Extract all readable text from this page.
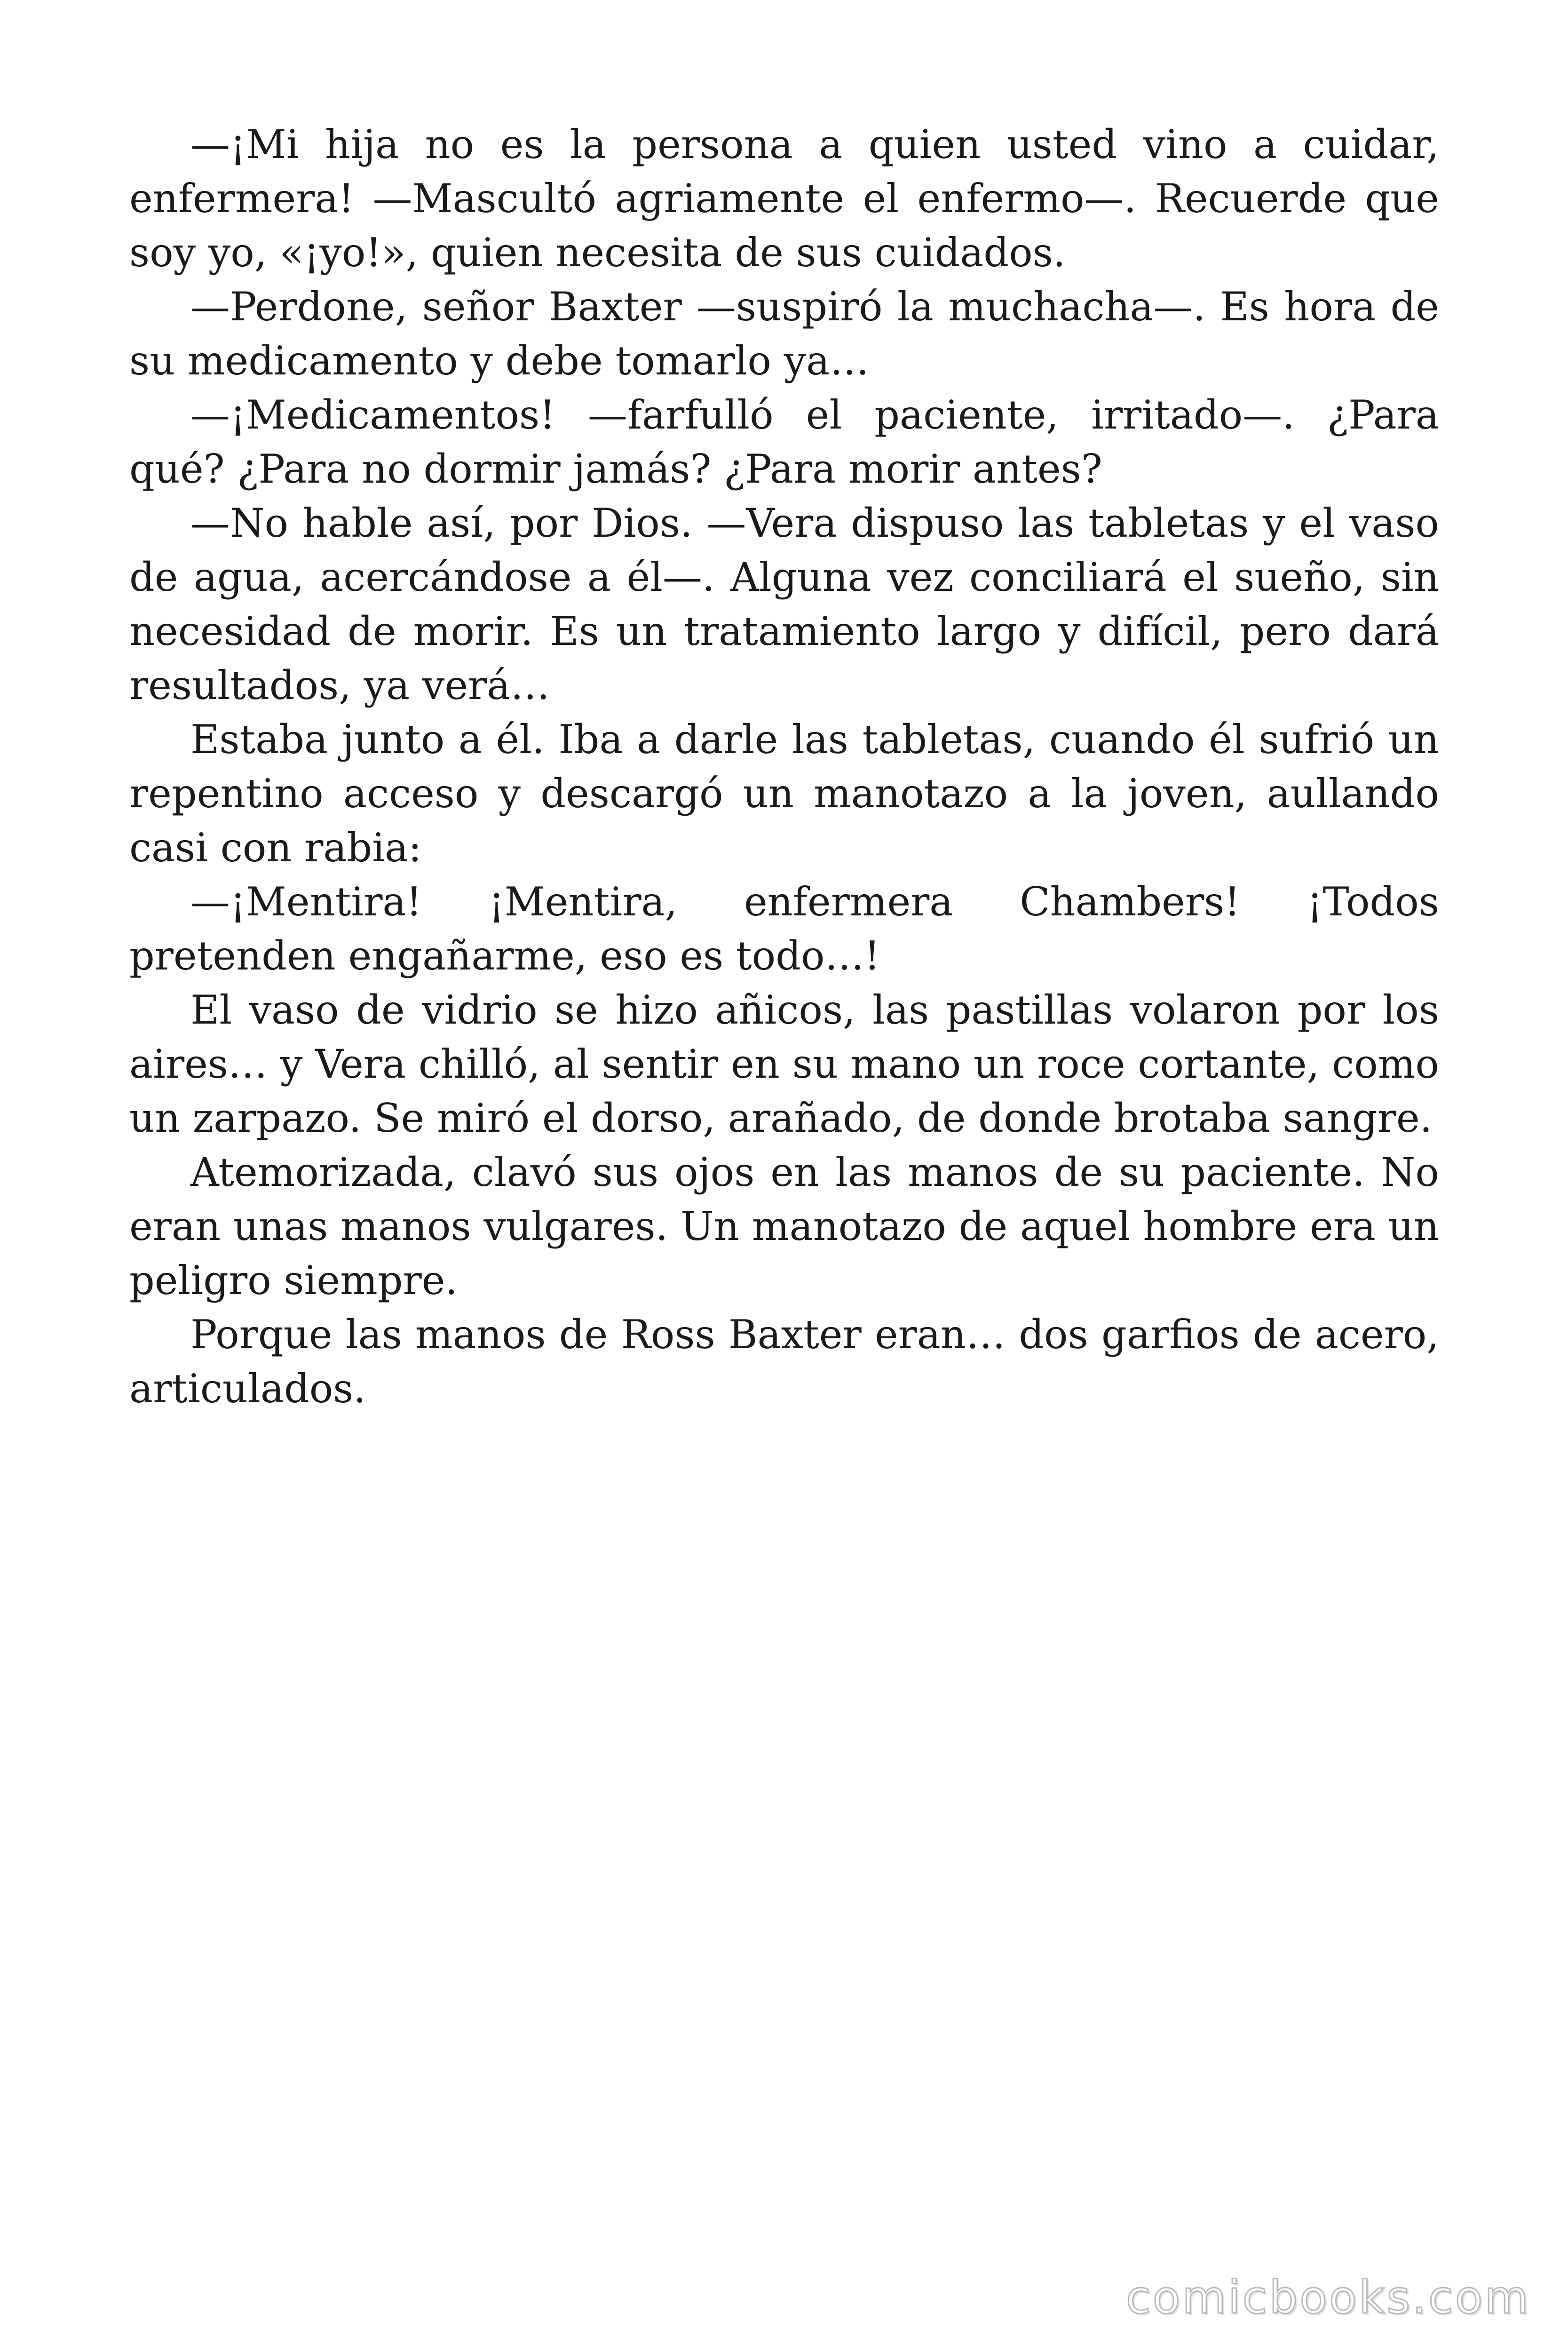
—¡Mi hija no es la persona a quien usted vino a cuidar, enfermera! —Mascultó agriamente el enfermo—. Recuerde que soy yo, «¡yo!», quien necesita de sus cuidados.

—Perdone, señor Baxter —suspiró la muchacha—. Es hora de su medicamento y debe tomarlo ya…

—¡Medicamentos! —farfulló el paciente, irritado—. ¿Para qué? ¿Para no dormir jamás? ¿Para morir antes?

—No hable así, por Dios. —Vera dispuso las tabletas y el vaso de agua, acercándose a él—. Alguna vez conciliará el sueño, sin necesidad de morir. Es un tratamiento largo y difícil, pero dará resultados, ya verá…

Estaba junto a él. Iba a darle las tabletas, cuando él sufrió un repentino acceso y descargó un manotazo a la joven, aullando casi con rabia:

—¡Mentira! ¡Mentira, enfermera Chambers! ¡Todos pretenden engañarme, eso es todo…!

El vaso de vidrio se hizo añicos, las pastillas volaron por los aires… y Vera chilló, al sentir en su mano un roce cortante, como un zarpazo. Se miró el dorso, arañado, de donde brotaba sangre.

Atemorizada, clavó sus ojos en las manos de su paciente. No eran unas manos vulgares. Un manotazo de aquel hombre era un peligro siempre.

Porque las manos de Ross Baxter eran… dos garfios de acero, articulados.

comicbooks.com
